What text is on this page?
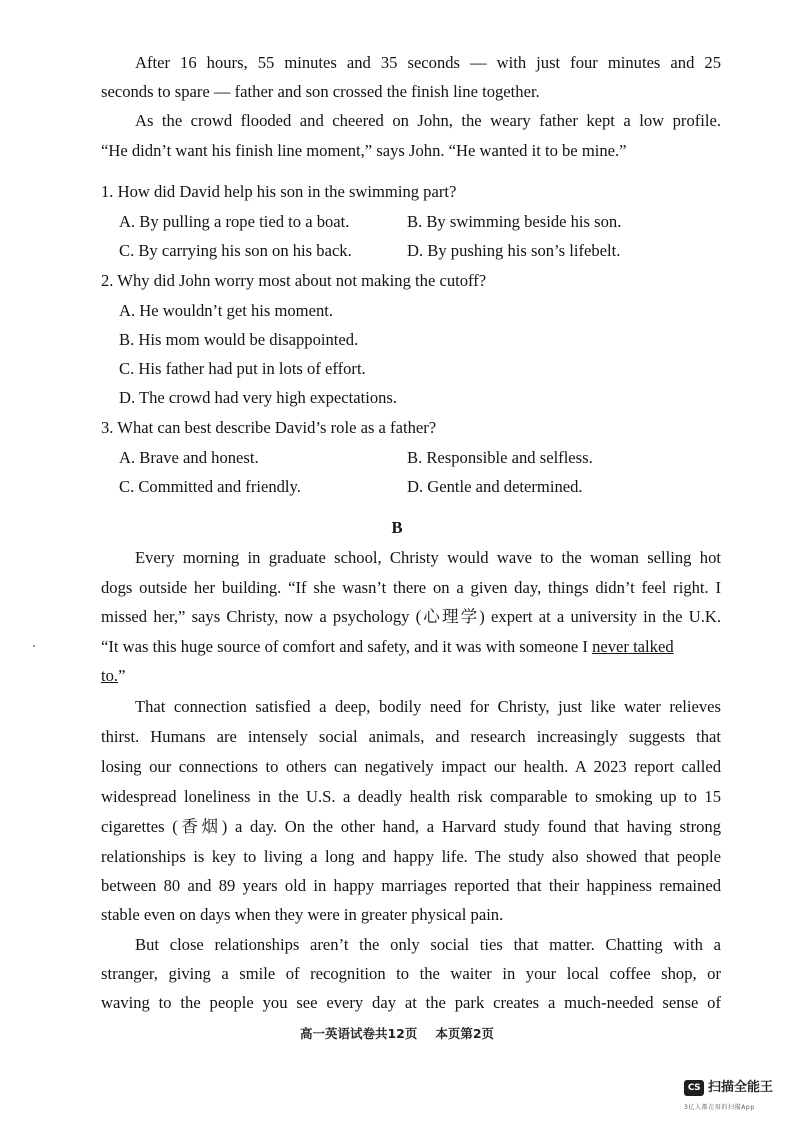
After 16 hours, 55 minutes and 35 seconds — with just four minutes and 25
seconds to spare — father and son crossed the finish line together.
As the crowd flooded and cheered on John, the weary father kept a low profile.
“He didn’t want his finish line moment,” says John. “He wanted it to be mine.”
1. How did David help his son in the swimming part?
A. By pulling a rope tied to a boat.	B. By swimming beside his son.
C. By carrying his son on his back.	D. By pushing his son’s lifebelt.
2. Why did John worry most about not making the cutoff?
A. He wouldn’t get his moment.
B. His mom would be disappointed.
C. His father had put in lots of effort.
D. The crowd had very high expectations.
3. What can best describe David’s role as a father?
A. Brave and honest.	B. Responsible and selfless.
C. Committed and friendly.	D. Gentle and determined.
B
Every morning in graduate school, Christy would wave to the woman selling hot
dogs outside her building. “If she wasn’t there on a given day, things didn’t feel right. I
missed her,” says Christy, now a psychology (心理学) expert at a university in the U.K.
“It was this huge source of comfort and safety, and it was with someone I never talked
to.”
That connection satisfied a deep, bodily need for Christy, just like water relieves
thirst. Humans are intensely social animals, and research increasingly suggests that
losing our connections to others can negatively impact our health. A 2023 report called
widespread loneliness in the U.S. a deadly health risk comparable to smoking up to 15
cigarettes (香烟) a day. On the other hand, a Harvard study found that having strong
relationships is key to living a long and happy life. The study also showed that people
between 80 and 89 years old in happy marriages reported that their happiness remained
stable even on days when they were in greater physical pain.
But close relationships aren’t the only social ties that matter. Chatting with a
stranger, giving a smile of recognition to the waiter in your local coffee shop, or
waving to the people you see every day at the park creates a much-needed sense of
高一英语试卷共12页 本页第2页
CS 扫描全能王
3亿人都在用的扫描App
